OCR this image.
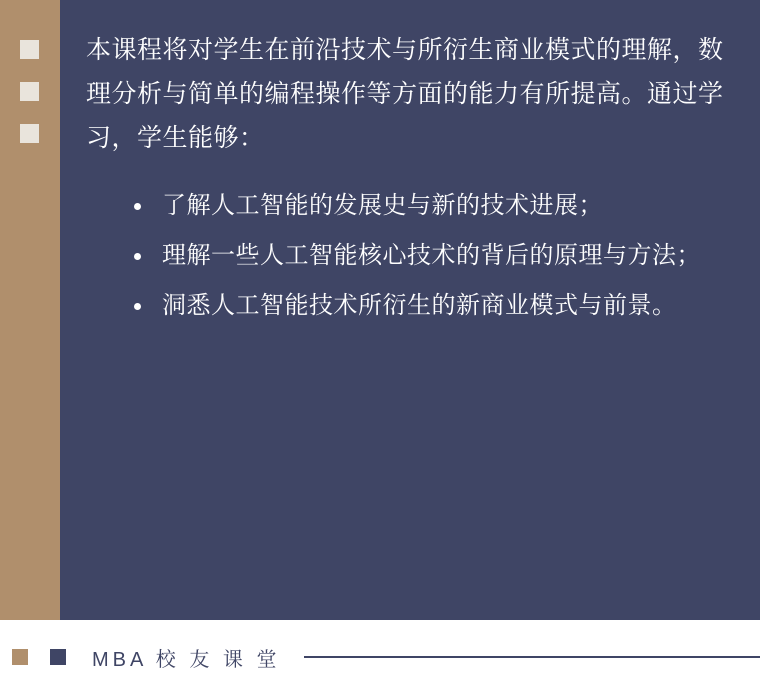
本课程将对学生在前沿技术与所衍生商业模式的理解，数理分析与简单的编程操作等方面的能力有所提高。通过学习，学生能够：

了解人工智能的发展史与新的技术进展；
理解一些人工智能核心技术的背后的原理与方法；
洞悉人工智能技术所衍生的新商业模式与前景。
MBA 校 友 课 堂
